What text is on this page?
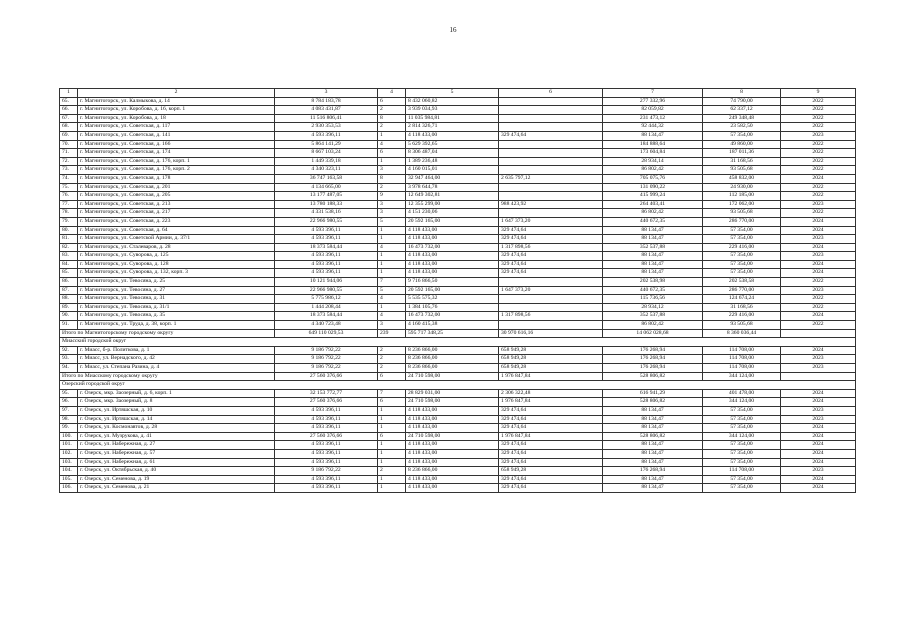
16
1	2	3	4	5	6	7	8	9
65.	г. Магнитогорск, ул. Калмыкова, д. 14	8 784 183,78	6	8 432 060,82		277 332,96	74 790,00	2022
66.	г. Магнитогорск, ул. Коробова, д. 16, корп. 1	4 083 431,87	2	3 939 034,93		82 059,82	62 337,12	2022
67.	г. Магнитогорск, ул. Коробова, д. 18	11 516 806,41	8	11 035 984,81		231 473,12	249 348,48	2022
68.	г. Магнитогорск, ул. Советская, д. 117	2 930 353,53	2	2 814 326,71		92 444,32	23 582,50	2022
69.	г. Магнитогорск, ул. Советская, д. 141	4 593 396,11	1	4 118 433,00	329 474,64	88 134,47	57 354,00	2023
70.	г. Магнитогорск, ул. Советская, д. 166	5 864 141,29	4	5 629 392,65		184 888,64	49 860,00	2022
71.	г. Магнитогорск, ул. Советская, д. 174	8 667 103,24	6	8 306 487,04		173 604,84	187 011,36	2022
72.	г. Магнитогорск, ул. Советская, д. 176, корп. 1	1 449 339,18	1	1 389 236,48		28 934,14	31 168,56	2022
73.	г. Магнитогорск, ул. Советская, д. 176, корп. 2	4 340 323,11	3	4 160 015,01		86 802,42	93 505,68	2022
74.	г. Магнитогорск, ул. Советская, д. 178	36 747 163,58	8	32 947 464,00	2 635 797,12	705 075,76	458 832,00	2024
75.	г. Магнитогорск, ул. Советская, д. 201	4 134 665,00	2	3 978 644,78		131 090,22	24 930,00	2022
76.	г. Магнитогорск, ул. Советская, д. 205	13 177 487,05	9	12 649 302,81		415 999,24	112 185,00	2022
77.	г. Магнитогорск, ул. Советская, д. 213	13 780 188,33	3	12 355 299,00	988 423,92	264 403,41	172 062,00	2023
78.	г. Магнитогорск, ул. Советская, д. 217	4 331 538,16	3	4 151 230,06		86 802,42	93 505,68	2022
79.	г. Магнитогорск, ул. Советская, д. 223	22 966 980,55	5	20 592 165,00	1 647 373,20	440 672,35	286 770,00	2024
80.	г. Магнитогорск, ул. Советская, д. 64	4 593 396,11	1	4 118 433,00	329 474,64	88 134,47	57 354,00	2024
81.	г. Магнитогорск, ул. Советской Армии, д. 37/1	4 593 396,11	1	4 118 433,00	329 474,64	88 134,47	57 354,00	2023
82.	г. Магнитогорск, ул. Сталеваров, д. 28	18 373 584,44	4	16 473 732,00	1 317 898,56	352 537,88	229 416,00	2024
83.	г. Магнитогорск, ул. Суворова, д. 125	4 593 396,11	1	4 118 433,00	329 474,64	88 134,47	57 354,00	2023
84.	г. Магнитогорск, ул. Суворова, д. 128	4 593 396,11	1	4 118 433,00	329 474,64	88 134,47	57 354,00	2024
85.	г. Магнитогорск, ул. Суворова, д. 132, корп. 3	4 593 396,11	1	4 118 433,00	329 474,64	88 134,47	57 354,00	2024
86.	г. Магнитогорск, ул. Тевосяна, д. 25	10 121 944,06	7	9 716 866,50		202 538,98	202 538,58	2022
87.	г. Магнитогорск, ул. Тевосяна, д. 27	22 966 980,55	5	20 592 165,00	1 647 373,20	440 672,35	286 770,00	2023
88.	г. Магнитогорск, ул. Тевосяна, д. 31	5 775 986,12	4	5 535 575,32		115 736,56	124 674,24	2022
89.	г. Магнитогорск, ул. Тевосяна, д. 31/1	1 444 208,44	1	1 384 105,76		28 934,12	31 168,56	2022
90.	г. Магнитогорск, ул. Тевосяна, д. 35	18 373 584,44	4	16 473 732,00	1 317 898,56	352 537,88	229 416,00	2024
91.	г. Магнитогорск, ул. Труда, д. 38, корп. 1	4 340 723,48	3	4 160 415,38		86 802,42	93 505,68	2022
Итого по Магнитогорскому городскому округу		649 110 029,53	239	595 717 348,25	30 970 616,16	14 062 028,68	8 360 036,44	
Миасский городской округ								
92.	г. Миасс, б-р. Политкова, д. 1	9 186 792,22	2	8 236 866,00	658 949,28	176 268,94	114 708,00	2024
93.	г. Миасс, ул. Вернадского, д. 42	9 186 792,22	2	8 236 866,00	658 949,28	176 268,94	114 708,00	2023
94.	г. Миасс, ул. Степана Разина, д. 4	9 186 792,22	2	8 236 866,00	658 949,28	176 268,94	114 708,00	2023
Итого по Миасскому городскому округу		27 560 376,66	6	24 710 598,00	1 976 847,84	528 806,82	344 124,00	
Озерский городской округ								
95.	г. Озерск, мкр. Заозерный, д. 6, корп. 1	32 153 772,77	7	28 829 031,00	2 306 322,48	616 941,29	401 478,00	2024
96.	г. Озерск, мкр. Заозерный, д. 8	27 560 376,66	6	24 710 598,00	1 976 847,84	528 806,82	344 124,00	2024
97.	г. Озерск, ул. Иртяшская, д. 10	4 593 396,11	1	4 118 433,00	329 474,64	88 134,47	57 354,00	2023
98.	г. Озерск, ул. Иртяшская, д. 14	4 593 396,11	1	4 118 433,00	329 474,64	88 134,47	57 354,00	2023
99.	г. Озерск, ул. Космонавтов, д. 28	4 593 396,11	1	4 118 433,00	329 474,64	88 134,47	57 354,00	2024
100.	г. Озерск, ул. Музрукова, д. 41	27 560 376,66	6	24 710 598,00	1 976 847,84	528 806,82	344 124,00	2024
101.	г. Озерск, ул. Набережная, д. 27	4 593 396,11	1	4 118 433,00	329 474,64	88 134,47	57 354,00	2024
102.	г. Озерск, ул. Набережная, д. 57	4 593 396,11	1	4 118 433,00	329 474,64	88 134,47	57 354,00	2024
103.	г. Озерск, ул. Набережная, д. 61	4 593 396,11	1	4 118 433,00	329 474,64	88 134,47	57 354,00	2024
104.	г. Озерск, ул. Октябрьская, д. 40	9 186 792,22	2	8 236 866,00	658 949,28	176 268,94	114 708,00	2023
105.	г. Озерск, ул. Семенова, д. 19	4 593 396,11	1	4 118 433,00	329 474,64	88 134,47	57 354,00	2024
106.	г. Озерск, ул. Семенова, д. 21	4 593 396,11	1	4 118 433,00	329 474,64	88 134,47	57 354,00	2024
